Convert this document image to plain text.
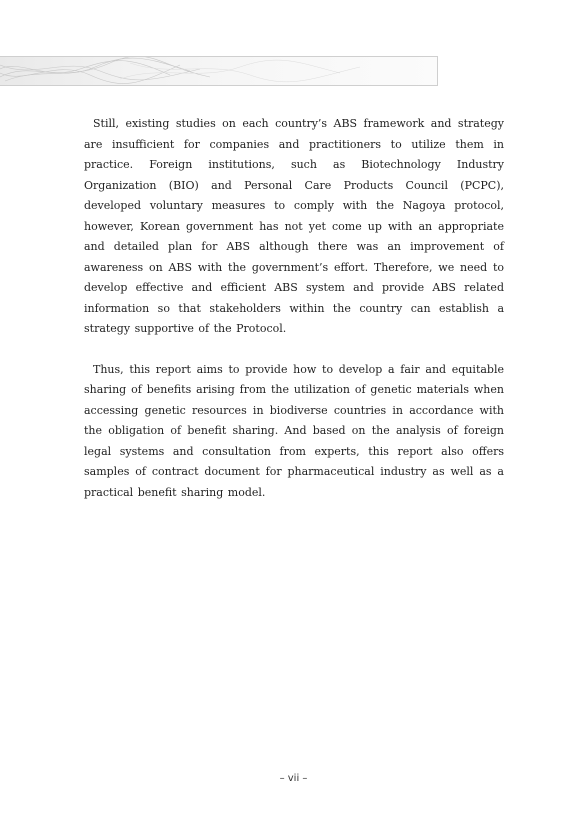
Still, existing studies on each country’s ABS framework and strategy are insufficient for companies and practitioners to utilize them in practice. Foreign institutions, such as Biotechnology Industry Organization (BIO) and Personal Care Products Council (PCPC), developed voluntary measures to comply with the Nagoya protocol, however, Korean government has not yet come up with an appropriate and detailed plan for ABS although there was an improvement of awareness on ABS with the government’s effort. Therefore, we need to develop effective and efficient ABS system and provide ABS related information so that stakeholders within the country can establish a strategy supportive of the Protocol.

Thus, this report aims to provide how to develop a fair and equitable sharing of benefits arising from the utilization of genetic materials when accessing genetic resources in biodiverse countries in accordance with the obligation of benefit sharing. And based on the analysis of foreign legal systems and consultation from experts, this report also offers samples of contract document for pharmaceutical industry as well as a practical benefit sharing model.

– vii –
